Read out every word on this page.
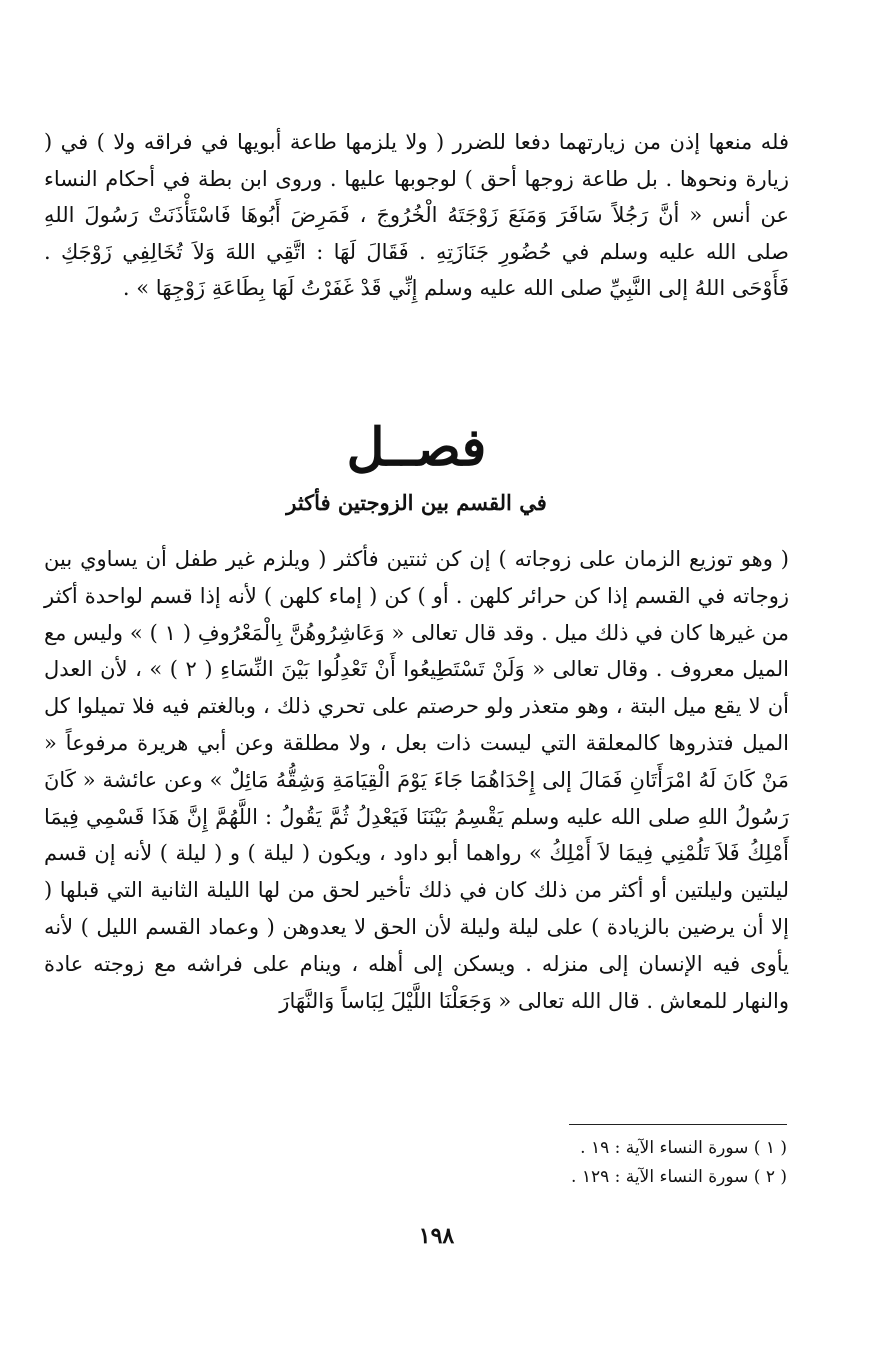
فله منعها إذن من زيارتهما دفعا للضرر ( ولا يلزمها طاعة أبويها في فراقه ولا ) في ( زيارة ونحوها . بل طاعة زوجها أحق ) لوجوبها عليها . وروى ابن بطة في أحكام النساء عن أنس « أنَّ رَجُلاً سَافَرَ وَمَنَعَ زَوْجَتَهُ الْخُرُوجَ ، فَمَرِضَ أَبُوهَا فَاسْتَأْذَنَتْ رَسُولَ اللهِ صلى الله عليه وسلم في حُضُورِ جَنَازَتِهِ . فَقَالَ لَهَا : اتَّقِي اللهَ وَلاَ تُخَالِفِي زَوْجَكِ . فَأَوْحَى اللهُ إلى النَّبِيِّ صلى الله عليه وسلم إِنِّي قَدْ غَفَرْتُ لَهَا بِطَاعَةِ زَوْجِهَا » .

فصــل
في القسم بين الزوجتين فأكثر

( وهو توزيع الزمان على زوجاته ) إن كن ثنتين فأكثر ( ويلزم غير طفل أن يساوي بين زوجاته في القسم إذا كن حرائر كلهن . أو ) كن ( إماء كلهن ) لأنه إذا قسم لواحدة أكثر من غيرها كان في ذلك ميل . وقد قال تعالى « وَعَاشِرُوهُنَّ بِالْمَعْرُوفِ ( ١ ) » وليس مع الميل معروف . وقال تعالى « وَلَنْ تَسْتَطِيعُوا أَنْ تَعْدِلُوا بَيْنَ النِّسَاءِ ( ٢ ) » ، لأن العدل أن لا يقع ميل البتة ، وهو متعذر ولو حرصتم على تحري ذلك ، وبالغتم فيه فلا تميلوا كل الميل فتذروها كالمعلقة التي ليست ذات بعل ، ولا مطلقة وعن أبي هريرة مرفوعاً « مَنْ كَانَ لَهُ امْرَأَتَانِ فَمَالَ إلى إِحْدَاهُمَا جَاءَ يَوْمَ الْقِيَامَةِ وَشِقُّهُ مَائِلٌ » وعن عائشة « كَانَ رَسُولُ اللهِ صلى الله عليه وسلم يَقْسِمُ بَيْنَنَا فَيَعْدِلُ ثُمَّ يَقُولُ : اللَّهُمَّ إِنَّ هَذَا قَسْمِي فِيمَا أَمْلِكُ فَلاَ تَلُمْنِي فِيمَا لاَ أَمْلِكُ » رواهما أبو داود ، ويكون ( ليلة ) و ( ليلة ) لأنه إن قسم ليلتين وليلتين أو أكثر من ذلك كان في ذلك تأخير لحق من لها الليلة الثانية التي قبلها ( إلا أن يرضين بالزيادة ) على ليلة وليلة لأن الحق لا يعدوهن ( وعماد القسم الليل ) لأنه يأوى فيه الإنسان إلى منزله . ويسكن إلى أهله ، وينام على فراشه مع زوجته عادة والنهار للمعاش . قال الله تعالى « وَجَعَلْنَا اللَّيْلَ لِبَاساً وَالنَّهَارَ

( ١ ) سورة النساء الآية : ١٩ .
( ٢ ) سورة النساء الآية : ١٢٩ .

١٩٨
